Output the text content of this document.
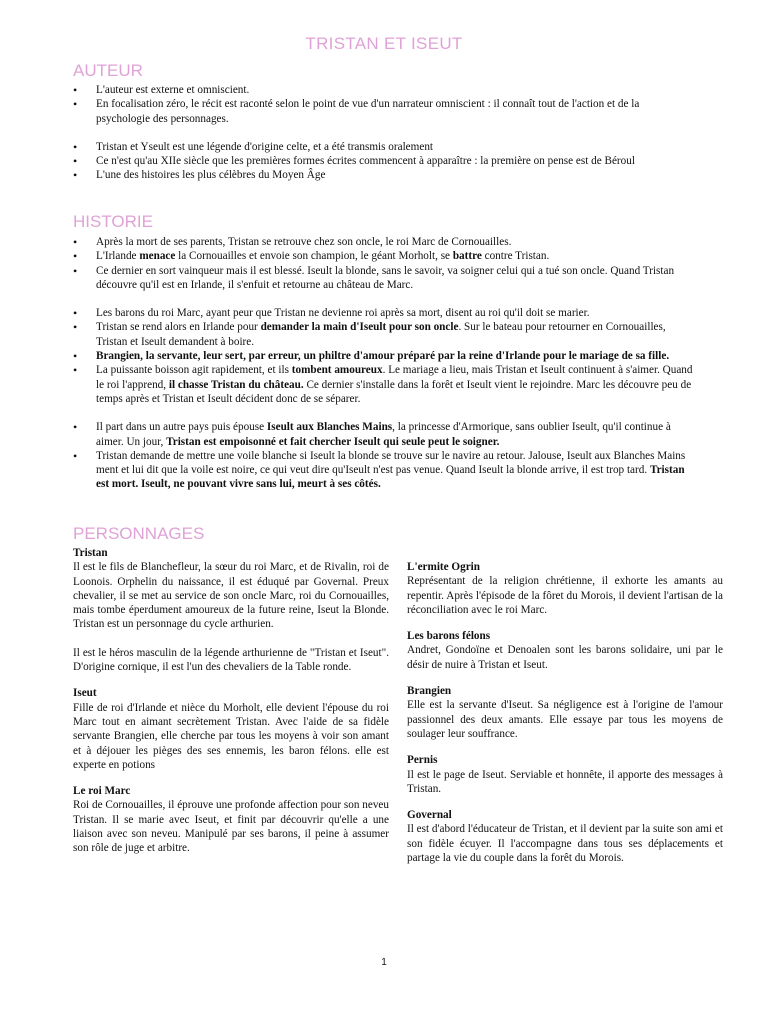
TRISTAN ET ISEUT
AUTEUR
• L'auteur est externe et omniscient.
• En focalisation zéro, le récit est raconté selon le point de vue d'un narrateur omniscient : il connaît tout de l'action et de la psychologie des personnages.
• Tristan et Yseult est une légende d'origine celte, et a été transmis oralement
• Ce n'est qu'au XIIe siècle que les premières formes écrites commencent à apparaître : la première on pense est de Béroul
• L'une des histoires les plus célèbres du Moyen Âge
HISTORIE
• Après la mort de ses parents, Tristan se retrouve chez son oncle, le roi Marc de Cornouailles.
• L'Irlande menace la Cornouailles et envoie son champion, le géant Morholt, se battre contre Tristan.
• Ce dernier en sort vainqueur mais il est blessé. Iseult la blonde, sans le savoir, va soigner celui qui a tué son oncle. Quand Tristan découvre qu'il est en Irlande, il s'enfuit et retourne au château de Marc.
• Les barons du roi Marc, ayant peur que Tristan ne devienne roi après sa mort, disent au roi qu'il doit se marier.
• Tristan se rend alors en Irlande pour demander la main d'Iseult pour son oncle. Sur le bateau pour retourner en Cornouailles, Tristan et Iseult demandent à boire.
• Brangien, la servante, leur sert, par erreur, un philtre d'amour préparé par la reine d'Irlande pour le mariage de sa fille.
• La puissante boisson agit rapidement, et ils tombent amoureux. Le mariage a lieu, mais Tristan et Iseult continuent à s'aimer. Quand le roi l'apprend, il chasse Tristan du château. Ce dernier s'installe dans la forêt et Iseult vient le rejoindre. Marc les découvre peu de temps après et Tristan et Iseult décident donc de se séparer.
• Il part dans un autre pays puis épouse Iseult aux Blanches Mains, la princesse d'Armorique, sans oublier Iseult, qu'il continue à aimer. Un jour, Tristan est empoisonné et fait chercher Iseult qui seule peut le soigner.
• Tristan demande de mettre une voile blanche si Iseult la blonde se trouve sur le navire au retour. Jalouse, Iseult aux Blanches Mains ment et lui dit que la voile est noire, ce qui veut dire qu'Iseult n'est pas venue. Quand Iseult la blonde arrive, il est trop tard. Tristan est mort. Iseult, ne pouvant vivre sans lui, meurt à ses côtés.
PERSONNAGES

Tristan

Il est le fils de Blanchefleur, la sœur du roi Marc, et de Rivalin, roi de Loonois. Orphelin du naissance, il est éduqué par Governal. Preux chevalier, il se met au service de son oncle Marc, roi du Cornouailles, mais tombe éperdument amoureux de la future reine, Iseut la Blonde. Tristan est un personnage du cycle arthurien.

Il est le héros masculin de la légende arthurienne de "Tristan et Iseut". D'origine cornique, il est l'un des chevaliers de la Table ronde.

Iseut

Fille de roi d'Irlande et nièce du Morholt, elle devient l'épouse du roi Marc tout en aimant secrètement Tristan. Avec l'aide de sa fidèle servante Brangien, elle cherche par tous les moyens à voir son amant et à déjouer les pièges des ses ennemis, les baron félons. elle est experte en potions

Le roi Marc

Roi de Cornouailles, il éprouve une profonde affection pour son neveu Tristan. Il se marie avec Iseut, et finit par découvrir qu'elle a une liaison avec son neveu. Manipulé par ses barons, il peine à assumer son rôle de juge et arbitre.

L'ermite Ogrin

Représentant de la religion chrétienne, il exhorte les amants au repentir. Après l'épisode de la fôret du Morois, il devient l'artisan de la réconciliation avec le roi Marc.

Les barons félons

Andret, Gondoïne et Denoalen sont les barons solidaire, uni par le désir de nuire à Tristan et Iseut.

Brangien

Elle est la servante d'Iseut. Sa négligence est à l'origine de l'amour passionnel des deux amants. Elle essaye par tous les moyens de soulager leur souffrance.

Pernis

Il est le page de Iseut. Serviable et honnête, il apporte des messages à Tristan.

Governal

Il est d'abord l'éducateur de Tristan, et il devient par la suite son ami et son fidèle écuyer. Il l'accompagne dans tous ses déplacements et partage la vie du couple dans la forêt du Morois.

1
